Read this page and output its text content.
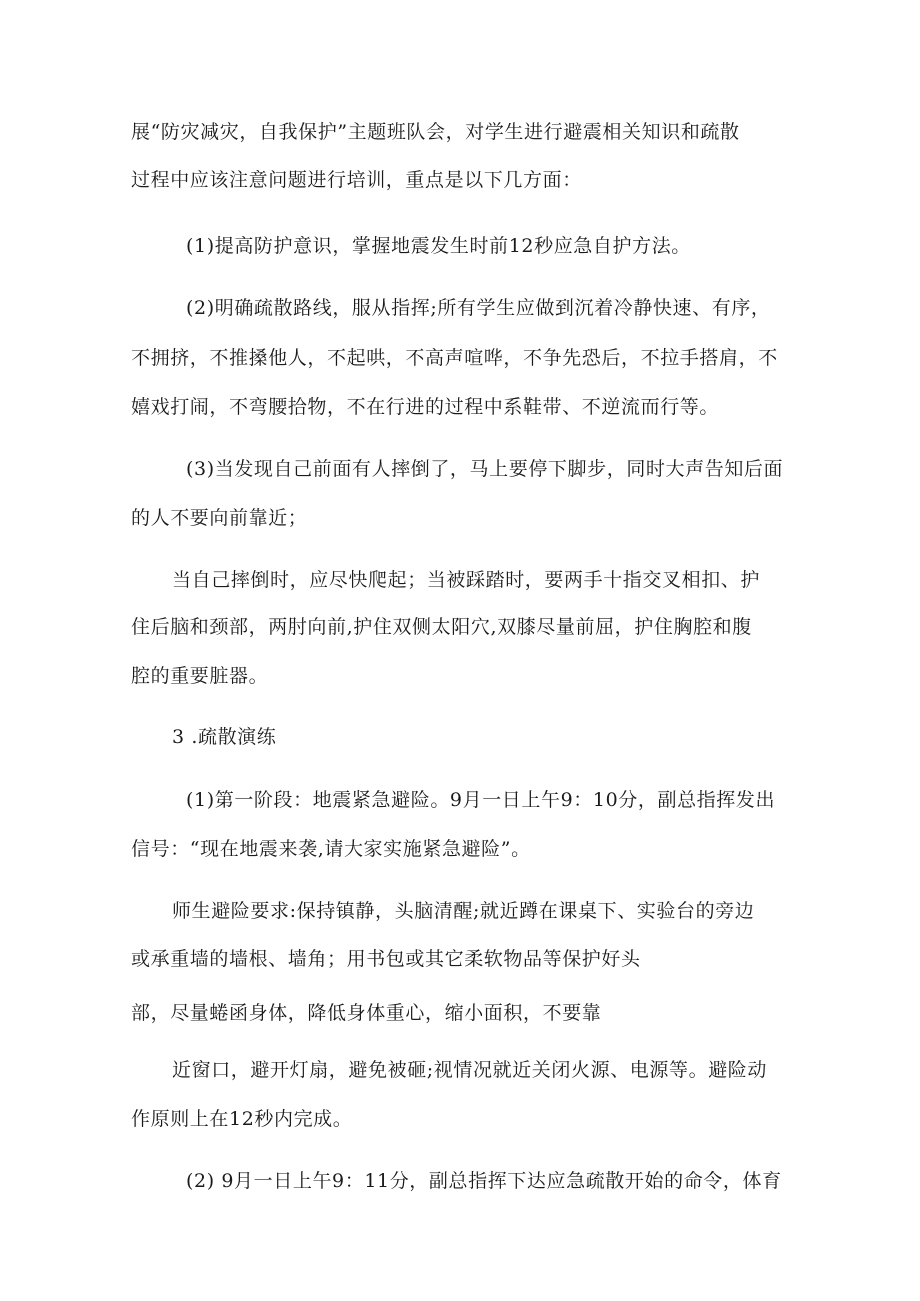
展“防灾减灾，自我保护”主题班队会，对学生进行避震相关知识和疏散
过程中应该注意问题进行培训，重点是以下几方面：
(1)提高防护意识，掌握地震发生时前12秒应急自护方法。
(2)明确疏散路线，服从指挥;所有学生应做到沉着冷静快速、有序，
不拥挤，不推搡他人，不起哄，不高声喧哗，不争先恐后，不拉手搭肩，不
嬉戏打闹，不弯腰拾物，不在行进的过程中系鞋带、不逆流而行等。
(3)当发现自己前面有人摔倒了，马上要停下脚步，同时大声告知后面
的人不要向前靠近；
当自己摔倒时，应尽快爬起；当被踩踏时，要两手十指交叉相扣、护
住后脑和颈部，两肘向前,护住双侧太阳穴,双膝尽量前屈，护住胸腔和腹
腔的重要脏器。
3 .疏散演练
(1)第一阶段：地震紧急避险。9月一日上午9：10分，副总指挥发出
信号：“现在地震来袭,请大家实施紧急避险”。
师生避险要求:保持镇静，头脑清醒;就近蹲在课桌下、实验台的旁边
或承重墙的墙根、墙角；用书包或其它柔软物品等保护好头
部，尽量蜷函身体，降低身体重心，缩小面积，不要靠
近窗口，避开灯扇，避免被砸;视情况就近关闭火源、电源等。避险动
作原则上在12秒内完成。
(2) 9月一日上午9：11分，副总指挥下达应急疏散开始的命令，体育
